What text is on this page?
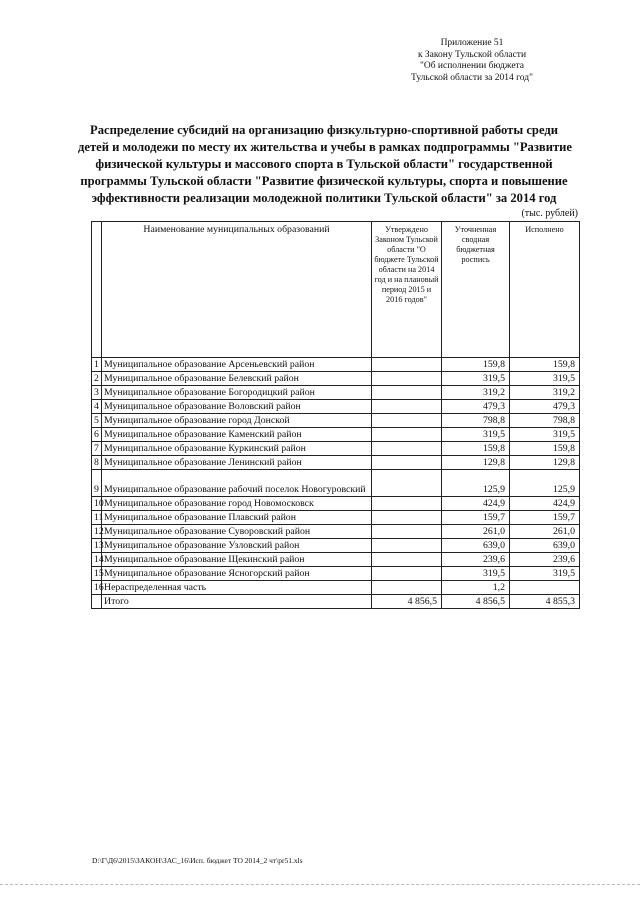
Приложение 51
к Закону Тульской области
"Об исполнении бюджета
Тульской области за 2014 год"
Распределение субсидий на организацию физкультурно-спортивной работы среди
детей и молодежи по месту их жительства и учебы в рамках подпрограммы "Развитие
физической культуры и массового спорта в Тульской области" государственной
программы Тульской области "Развитие физической культуры, спорта и повышение
эффективности реализации молодежной политики Тульской области" за 2014 год
(тыс. рублей)
	Наименование муниципальных образований	Утверждено Законом Тульской области "О бюджете Тульской области на 2014 год и на плановый период 2015 и 2016 годов"	Уточненная сводная бюджетная роспись	Исполнено
1	Муниципальное образование Арсеньевский район		159,8	159,8
2	Муниципальное образование Белевский район		319,5	319,5
3	Муниципальное образование Богородицкий район		319,2	319,2
4	Муниципальное образование Воловский район		479,3	479,3
5	Муниципальное образование город Донской		798,8	798,8
6	Муниципальное образование Каменский район		319,5	319,5
7	Муниципальное образование Куркинский район		159,8	159,8
8	Муниципальное образование Ленинский район		129,8	129,8
9	Муниципальное образование рабочий поселок Новогуровский		125,9	125,9
10	Муниципальное образование город Новомосковск		424,9	424,9
11	Муниципальное образование Плавский район		159,7	159,7
12	Муниципальное образование Суворовский район		261,0	261,0
13	Муниципальное образование Узловский район		639,0	639,0
14	Муниципальное образование Щекинский район		239,6	239,6
15	Муниципальное образование Ясногорский район		319,5	319,5
16	Нераспределенная часть		1,2	
	Итого	4 856,5	4 856,5	4 855,3
D:\Г\Д6\2015\ЗАКОН\ЗАС_16\Исп. бюджет ТО 2014_2 чт\pr51.xls
